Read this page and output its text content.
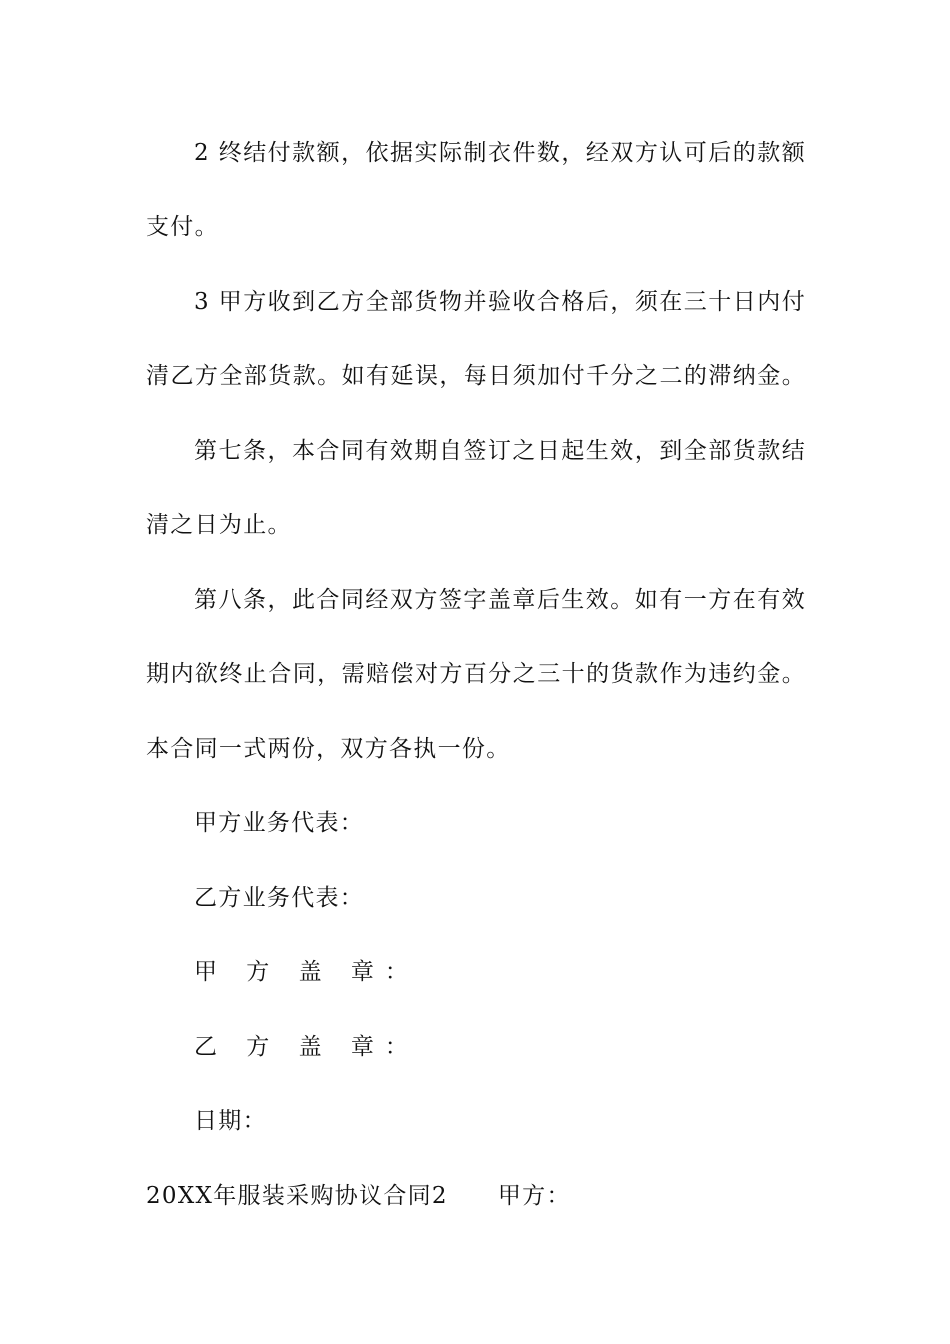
2 终结付款额，依据实际制衣件数，经双方认可后的款额
支付。
3 甲方收到乙方全部货物并验收合格后，须在三十日内付
清乙方全部货款。如有延误，每日须加付千分之二的滞纳金。
第七条，本合同有效期自签订之日起生效，到全部货款结
清之日为止。
第八条，此合同经双方签字盖章后生效。如有一方在有效
期内欲终止合同，需赔偿对方百分之三十的货款作为违约金。
本合同一式两份，双方各执一份。
甲方业务代表：
乙方业务代表：
甲 方 盖 章：
乙 方 盖 章：
日期：
20XX年服装采购协议合同2 甲方：
